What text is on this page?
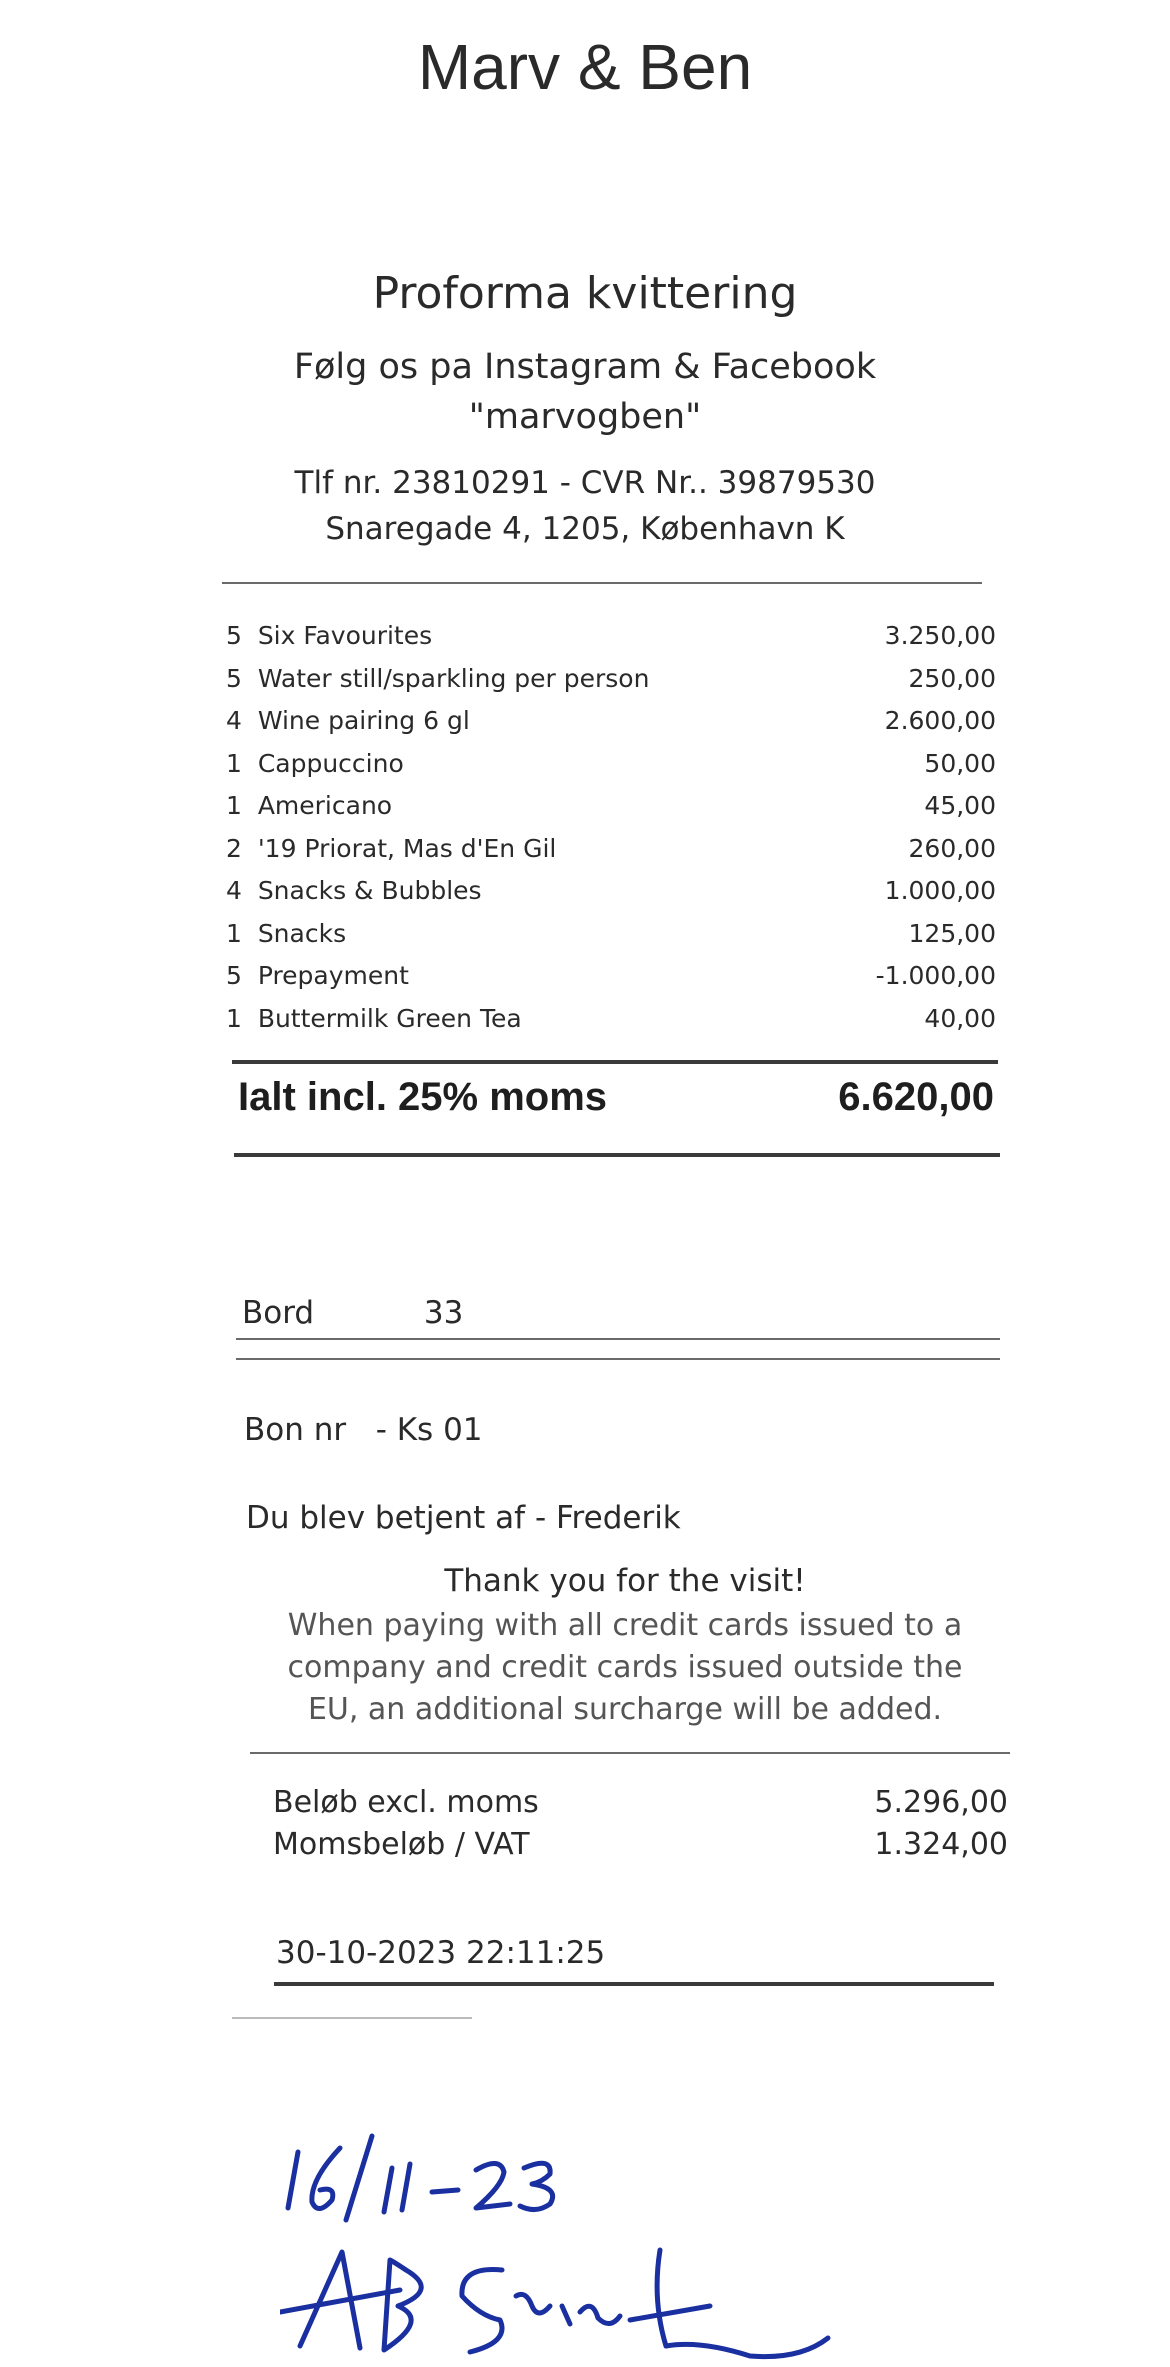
Marv & Ben
Proforma kvittering
Følg os pa Instagram & Facebook
"marvogben"
Tlf nr. 23810291 - CVR Nr.. 39879530
Snaregade 4, 1205, København K
5 Six Favourites	3.250,00
5 Water still/sparkling per person	250,00
4 Wine pairing 6 gl	2.600,00
1 Cappuccino	50,00
1 Americano	45,00
2 '19 Priorat, Mas d'En Gil	260,00
4 Snacks & Bubbles	1.000,00
1 Snacks	125,00
5 Prepayment	-1.000,00
1 Buttermilk Green Tea	40,00
Ialt incl. 25% moms	6.620,00
Bord	33
Bon nr   - Ks 01
Du blev betjent af - Frederik
Thank you for the visit!
When paying with all credit cards issued to a
company and credit cards issued outside the
EU, an additional surcharge will be added.
Beløb excl. moms	5.296,00
Momsbeløb / VAT	1.324,00
30-10-2023 22:11:25
